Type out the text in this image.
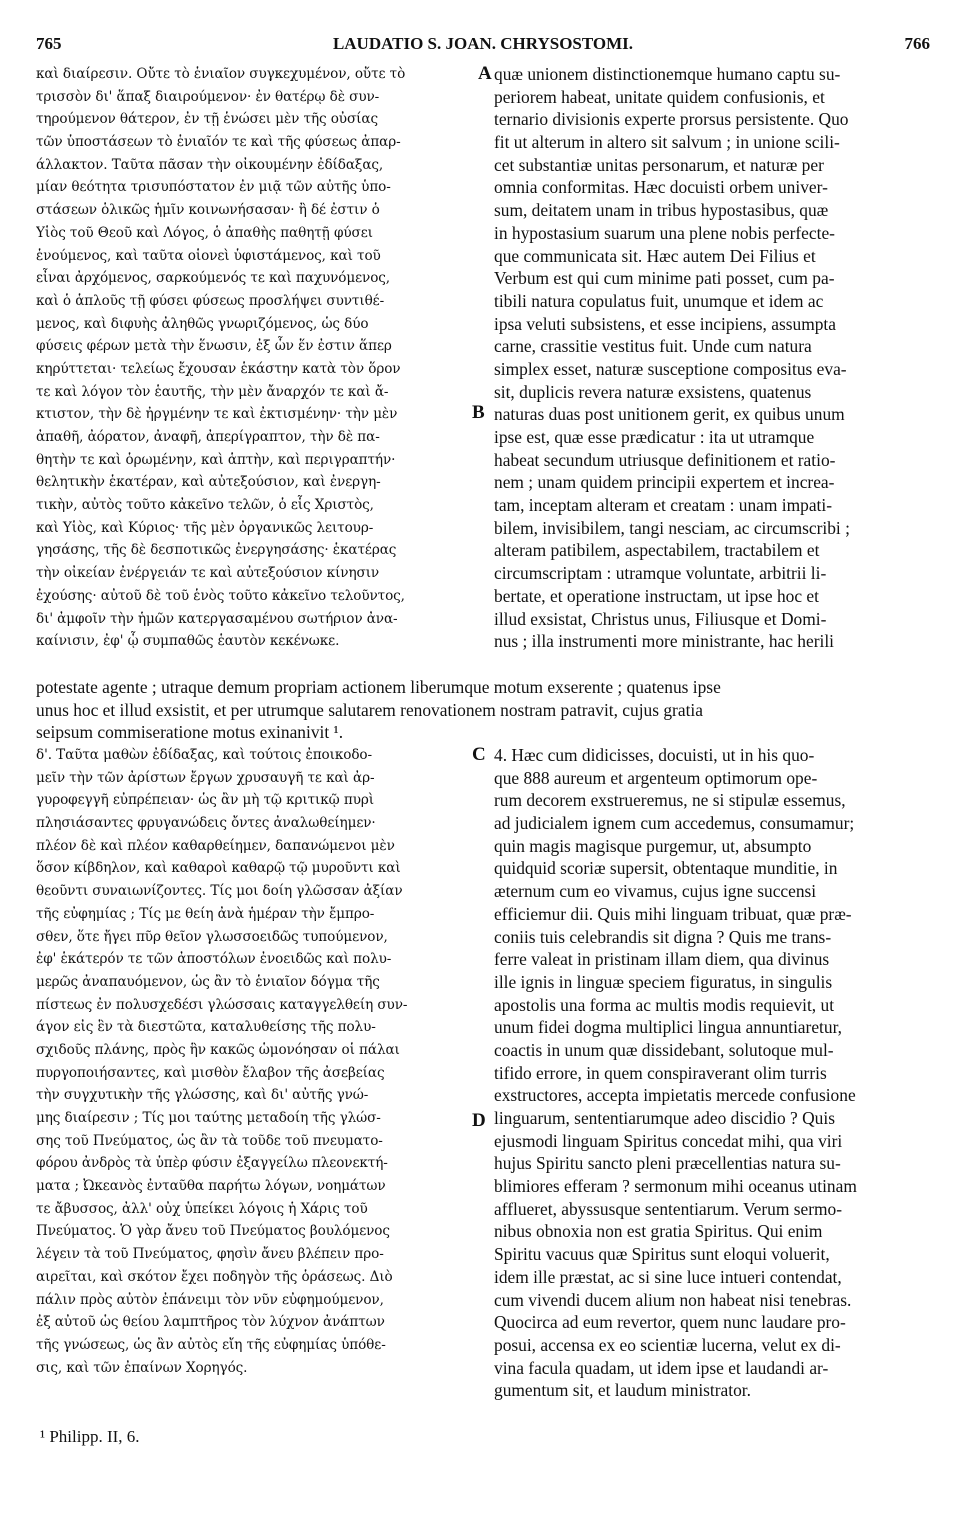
765	LAUDATIO S. JOAN. CHRYSOSTOMI.	766
καὶ διαίρεσιν. Οὔτε τὸ ἑνιαῖον συγκεχυμένον, οὔτε τὸ
τρισσὸν δι' ἅπαξ διαιρούμενον· ἐν θατέρῳ δὲ συν-
τηρούμενον θάτερον, ἐν τῇ ἑνώσει μὲν τῆς οὐσίας
τῶν ὑποστάσεων τὸ ἑνιαῖόν τε καὶ τῆς φύσεως ἀπαρ-
άλλακτον. Ταῦτα πᾶσαν τὴν οἰκουμένην ἐδίδαξας,
μίαν θεότητα τρισυπόστατον ἐν μιᾷ τῶν αὐτῆς ὑπο-
στάσεων ὁλικῶς ἡμῖν κοινωνήσασαν· ἢ δέ ἐστιν ὁ
Υἱὸς τοῦ Θεοῦ καὶ Λόγος, ὁ ἀπαθὴς παθητῇ φύσει
ἑνούμενος, καὶ ταῦτα οἱονεὶ ὑφιστάμενος, καὶ τοῦ
εἶναι ἀρχόμενος, σαρκούμενός τε καὶ παχυνόμενος,
καὶ ὁ ἁπλοῦς τῇ φύσει φύσεως προσλήψει συντιθέ-
μενος, καὶ διφυὴς ἀληθῶς γνωριζόμενος, ὡς δύο
φύσεις φέρων μετὰ τὴν ἕνωσιν, ἐξ ὧν ἕν ἐστιν ἅπερ
κηρύττεται· τελείως ἔχουσαν ἑκάστην κατὰ τὸν ὅρον
τε καὶ λόγον τὸν ἑαυτῆς, τὴν μὲν ἄναρχόν τε καὶ ἄ-
κτιστον, τὴν δὲ ἠργμένην τε καὶ ἐκτισμένην· τὴν μὲν
ἀπαθῆ, ἀόρατον, ἀναφῆ, ἀπερίγραπτον, τὴν δὲ πα-
θητὴν τε καὶ ὁρωμένην, καὶ ἁπτὴν, καὶ περιγραπτήν·
θελητικὴν ἑκατέραν, καὶ αὐτεξούσιον, καὶ ἐνεργη-
τικὴν, αὐτὸς τοῦτο κἀκεῖνο τελῶν, ὁ εἷς Χριστὸς,
καὶ Υἱὸς, καὶ Κύριος· τῆς μὲν ὀργανικῶς λειτουρ-
γησάσης, τῆς δὲ δεσποτικῶς ἐνεργησάσης· ἑκατέρας
τὴν οἰκείαν ἐνέργειάν τε καὶ αὐτεξούσιον κίνησιν
ἐχούσης· αὐτοῦ δὲ τοῦ ἑνὸς τοῦτο κἀκεῖνο τελοῦντος,
δι' ἀμφοῖν τὴν ἡμῶν κατεργασαμένου σωτήριον ἀνα-
καίνισιν, ἐφ' ᾧ συμπαθῶς ἑαυτὸν κεκένωκε.
quæ unionem distinctionemque humano captu su-
periorem habeat, unitate quidem confusionis, et
ternario divisionis experte prorsus persistente. Quo
fit ut alterum in altero sit salvum ; in unione scili-
cet substantiæ unitas personarum, et naturæ per
omnia conformitas. Hæc docuisti orbem univer-
sum, deitatem unam in tribus hypostasibus, quæ
in hypostasium suarum una plene nobis perfecte-
que communicata sit. Hæc autem Dei Filius et
Verbum est qui cum minime pati posset, cum pa-
tibili natura copulatus fuit, unumque et idem ac
ipsa veluti subsistens, et esse incipiens, assumpta
carne, crassitie vestitus fuit. Unde cum natura
simplex esset, naturæ susceptione compositus eva-
sit, duplicis revera naturæ exsistens, quatenus
naturas duas post unitionem gerit, ex quibus unum
ipse est, quæ esse prædicatur : ita ut utramque
habeat secundum utriusque definitionem et ratio-
nem ; unam quidem principii expertem et increa-
tam, inceptam alteram et creatam : unam impati-
bilem, invisibilem, tangi nesciam, ac circumscribi ;
alteram patibilem, aspectabilem, tractabilem et
circumscriptam : utramque voluntate, arbitrii li-
bertate, et operatione instructam, ut ipse hoc et
illud exsistat, Christus unus, Filiusque et Domi-
nus ; illa instrumenti more ministrante, hac herili
A
B
potestate agente ; utraque demum propriam actionem liberumque motum exserente ; quatenus ipse
unus hoc et illud exsistit, et per utrumque salutarem renovationem nostram patravit, cujus gratia
seipsum commiseratione motus exinanivit ¹.
δ'. Ταῦτα μαθὼν ἐδίδαξας, καὶ τούτοις ἐποικοδο-
μεῖν τὴν τῶν ἀρίστων ἔργων χρυσαυγῆ τε καὶ ἀρ-
γυροφεγγῆ εὐπρέπειαν· ὡς ἂν μὴ τῷ κριτικῷ πυρὶ
πλησιάσαντες φρυγανώδεις ὄντες ἀναλωθείημεν·
πλέον δὲ καὶ πλέον καθαρθείημεν, δαπανώμενοι μὲν
ὅσον κίβδηλον, καὶ καθαροὶ καθαρῷ τῷ μυροῦντι καὶ
θεοῦντι συναιωνίζοντες. Τίς μοι δοίη γλῶσσαν ἀξίαν
τῆς εὐφημίας ; Τίς με θείη ἀνὰ ἡμέραν τὴν ἔμπρο-
σθεν, ὅτε ἤγει πῦρ θεῖον γλωσσοειδῶς τυπούμενον,
ἐφ' ἑκάτερόν τε τῶν ἀποστόλων ἐνοειδῶς καὶ πολυ-
μερῶς ἀναπαυόμενον, ὡς ἂν τὸ ἑνιαῖον δόγμα τῆς
πίστεως ἐν πολυσχεδέσι γλώσσαις καταγγελθείη συν-
άγον εἰς ἓν τὰ διεστῶτα, καταλυθείσης τῆς πολυ-
σχιδοῦς πλάνης, πρὸς ἣν κακῶς ὡμονόησαν οἱ πάλαι
πυργοποιήσαντες, καὶ μισθὸν ἔλαβον τῆς ἀσεβείας
τὴν συγχυτικὴν τῆς γλώσσης, καὶ δι' αὐτῆς γνώ-
μης διαίρεσιν ; Τίς μοι ταύτης μεταδοίη τῆς γλώσ-
σης τοῦ Πνεύματος, ὡς ἂν τὰ τοῦδε τοῦ πνευματο-
φόρου ἀνδρὸς τὰ ὑπὲρ φύσιν ἐξαγγείλω πλεονεκτή-
ματα ; Ὠκεανὸς ἐνταῦθα παρήτω λόγων, νοημάτων
τε ἄβυσσος, ἀλλ' οὐχ ὑπείκει λόγοις ἡ Χάρις τοῦ
Πνεύματος. Ὁ γὰρ ἄνευ τοῦ Πνεύματος βουλόμενος
λέγειν τὰ τοῦ Πνεύματος, φησὶν ἄνευ βλέπειν προ-
αιρεῖται, καὶ σκότον ἔχει ποδηγὸν τῆς ὁράσεως. Διὸ
πάλιν πρὸς αὐτὸν ἐπάνειμι τὸν νῦν εὐφημούμενον,
ἐξ αὐτοῦ ὡς θείου λαμπτῆρος τὸν λύχνον ἀνάπτων
τῆς γνώσεως, ὡς ἂν αὐτὸς εἴη τῆς εὐφημίας ὑπόθε-
σις, καὶ τῶν ἐπαίνων Χορηγός.
4. Hæc cum didicisses, docuisti, ut in his quo-
que 888 aureum et argenteum optimorum ope-
rum decorem exstrueremus, ne si stipulæ essemus,
ad judicialem ignem cum accedemus, consumamur;
quin magis magisque purgemur, ut, absumpto
quidquid scoriæ supersit, obtentaque munditie, in
æternum cum eo vivamus, cujus igne succensi
efficiemur dii. Quis mihi linguam tribuat, quæ præ-
coniis tuis celebrandis sit digna ? Quis me trans-
ferre valeat in pristinam illam diem, qua divinus
ille ignis in linguæ speciem figuratus, in singulis
apostolis una forma ac multis modis requievit, ut
unum fidei dogma multiplici lingua annuntiaretur,
coactis in unum quæ dissidebant, solutoque mul-
tifido errore, in quem conspiraverant olim turris
exstructores, accepta impietatis mercede confusione
linguarum, sententiarumque adeo discidio ? Quis
ejusmodi linguam Spiritus concedat mihi, qua viri
hujus Spiritu sancto pleni præcellentias natura su-
blimiores efferam ? sermonum mihi oceanus utinam
afflueret, abyssusque sententiarum. Verum sermo-
nibus obnoxia non est gratia Spiritus. Qui enim
Spiritu vacuus quæ Spiritus sunt eloqui voluerit,
idem ille præstat, ac si sine luce intueri contendat,
cum vivendi ducem alium non habeat nisi tenebras.
Quocirca ad eum revertor, quem nunc laudare pro-
posui, accensa ex eo scientiæ lucerna, velut ex di-
vina facula quadam, ut idem ipse et laudandi ar-
gumentum sit, et laudum ministrator.
C
D
¹ Philipp. II, 6.
